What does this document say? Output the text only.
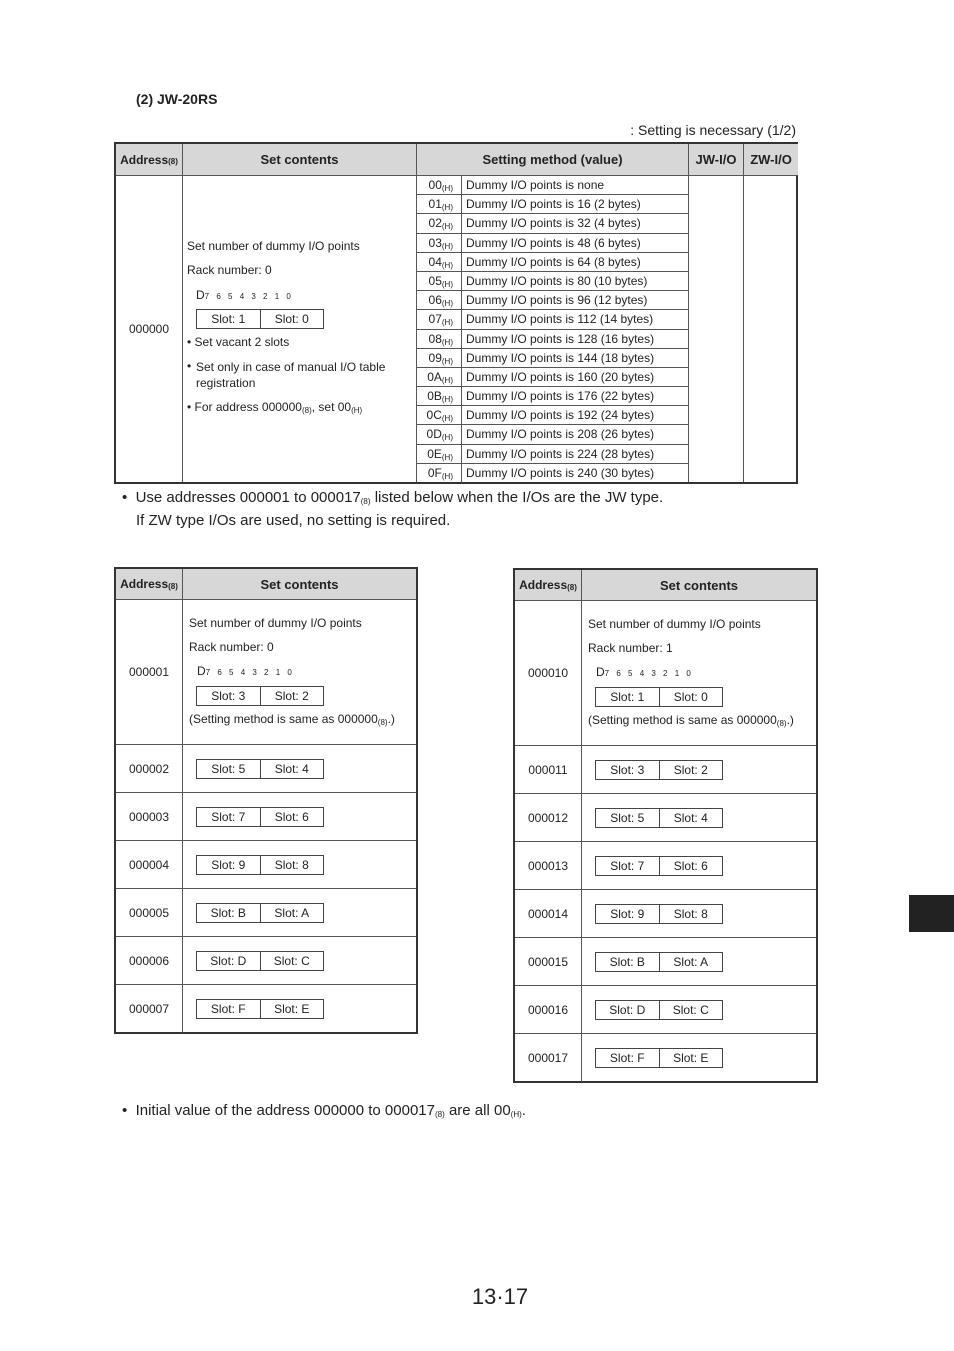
(2) JW-20RS
: Setting is necessary (1/2)
Address$_{(8)}$	Set contents	Setting method (value)	JW-I/O	ZW-I/O
000000
Set number of dummy I/O points
Rack number: 0
D7 6 5 4 3 2 1 0
Slot: 1	Slot: 0
• Set vacant 2 slots
• Set only in case of manual I/O table registration
• For address $000000_{(8)}$, set $00_{(H)}$
$00_{(H)}$	Dummy I/O points is none
$01_{(H)}$	Dummy I/O points is 16 (2 bytes)
$02_{(H)}$	Dummy I/O points is 32 (4 bytes)
$03_{(H)}$	Dummy I/O points is 48 (6 bytes)
$04_{(H)}$	Dummy I/O points is 64 (8 bytes)
$05_{(H)}$	Dummy I/O points is 80 (10 bytes)
$06_{(H)}$	Dummy I/O points is 96 (12 bytes)
$07_{(H)}$	Dummy I/O points is 112 (14 bytes)
$08_{(H)}$	Dummy I/O points is 128 (16 bytes)
$09_{(H)}$	Dummy I/O points is 144 (18 bytes)
$0A_{(H)}$	Dummy I/O points is 160 (20 bytes)
$0B_{(H)}$	Dummy I/O points is 176 (22 bytes)
$0C_{(H)}$	Dummy I/O points is 192 (24 bytes)
$0D_{(H)}$	Dummy I/O points is 208 (26 bytes)
$0E_{(H)}$	Dummy I/O points is 224 (28 bytes)
$0F_{(H)}$	Dummy I/O points is 240 (30 bytes)
•  Use addresses 000001 to $000017_{(8)}$ listed below when the I/Os are the JW type.
If ZW type I/Os are used, no setting is required.
Address$_{(8)}$	Set contents
000001
Set number of dummy I/O points
Rack number: 0
D7 6 5 4 3 2 1 0
Slot: 3	Slot: 2
(Setting method is same as $000000_{(8)}$.)
000002	Slot: 5	Slot: 4
000003	Slot: 7	Slot: 6
000004	Slot: 9	Slot: 8
000005	Slot: B	Slot: A
000006	Slot: D	Slot: C
000007	Slot: F	Slot: E
Address$_{(8)}$	Set contents
000010
Set number of dummy I/O points
Rack number: 1
D7 6 5 4 3 2 1 0
Slot: 1	Slot: 0
(Setting method is same as $000000_{(8)}$.)
000011	Slot: 3	Slot: 2
000012	Slot: 5	Slot: 4
000013	Slot: 7	Slot: 6
000014	Slot: 9	Slot: 8
000015	Slot: B	Slot: A
000016	Slot: D	Slot: C
000017	Slot: F	Slot: E
•  Initial value of the address 000000 to $000017_{(8)}$ are all $00_{(H)}$.
13·17
